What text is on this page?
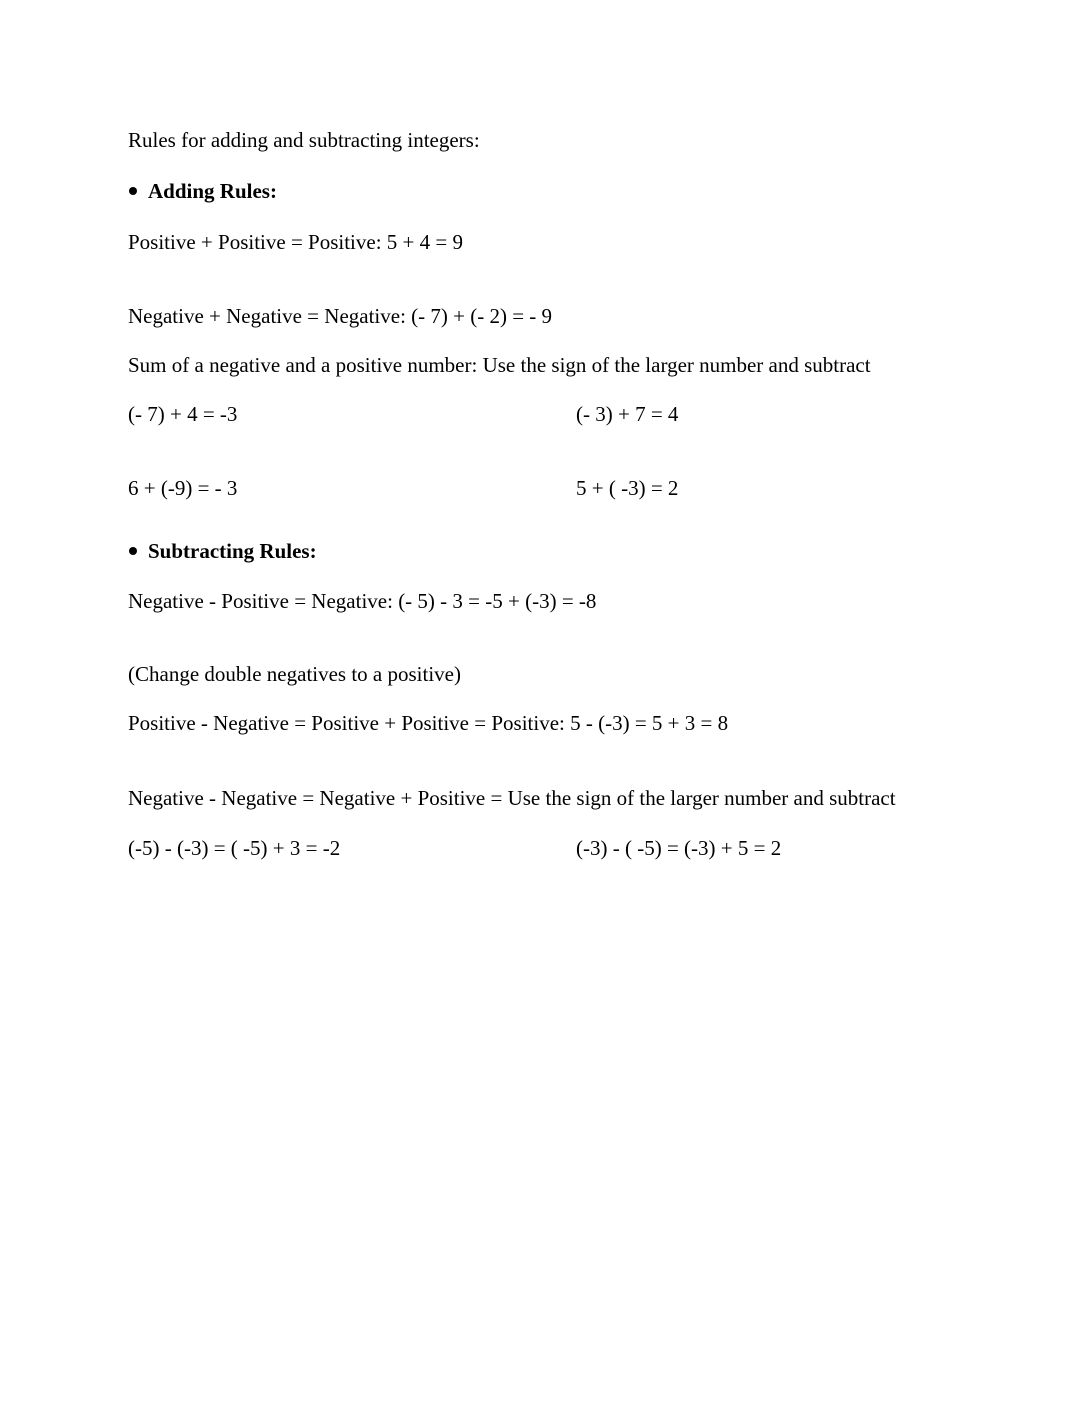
Rules for adding and subtracting integers:
Adding Rules:
Positive + Positive = Positive: 5 + 4 = 9
Negative + Negative = Negative: (- 7) + (- 2) = - 9
Sum of a negative and a positive number: Use the sign of the larger number and subtract
(- 7) + 4 = -3	(- 3) + 7 = 4
6 + (-9) = - 3	5 + ( -3) = 2
Subtracting Rules:
Negative - Positive = Negative: (- 5) - 3 = -5 + (-3) = -8
(Change double negatives to a positive)
Positive - Negative = Positive + Positive = Positive: 5 - (-3) = 5 + 3 = 8
Negative - Negative = Negative + Positive = Use the sign of the larger number and subtract
(-5) - (-3) = ( -5) + 3 = -2	(-3) - ( -5) = (-3) + 5 = 2
